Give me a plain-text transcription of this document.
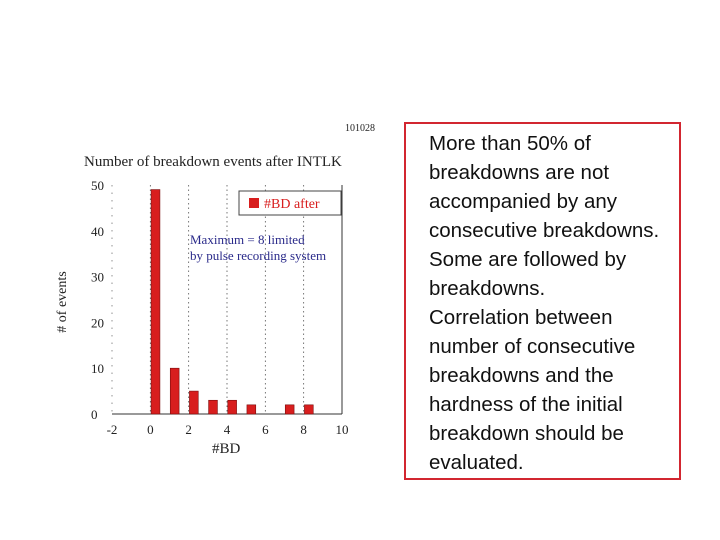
101028
Number of breakdown events after INTLK
-2 0 2 4 6 8 10
0
10
20
30
40
50
#BD
# of events
#BD after
Maximum = 8 limited
by pulse recording system

More than 50% of breakdowns are not accompanied by any consecutive breakdowns. Some are followed by breakdowns.

Correlation between number of consecutive breakdowns and the hardness of the initial breakdown should be evaluated.
